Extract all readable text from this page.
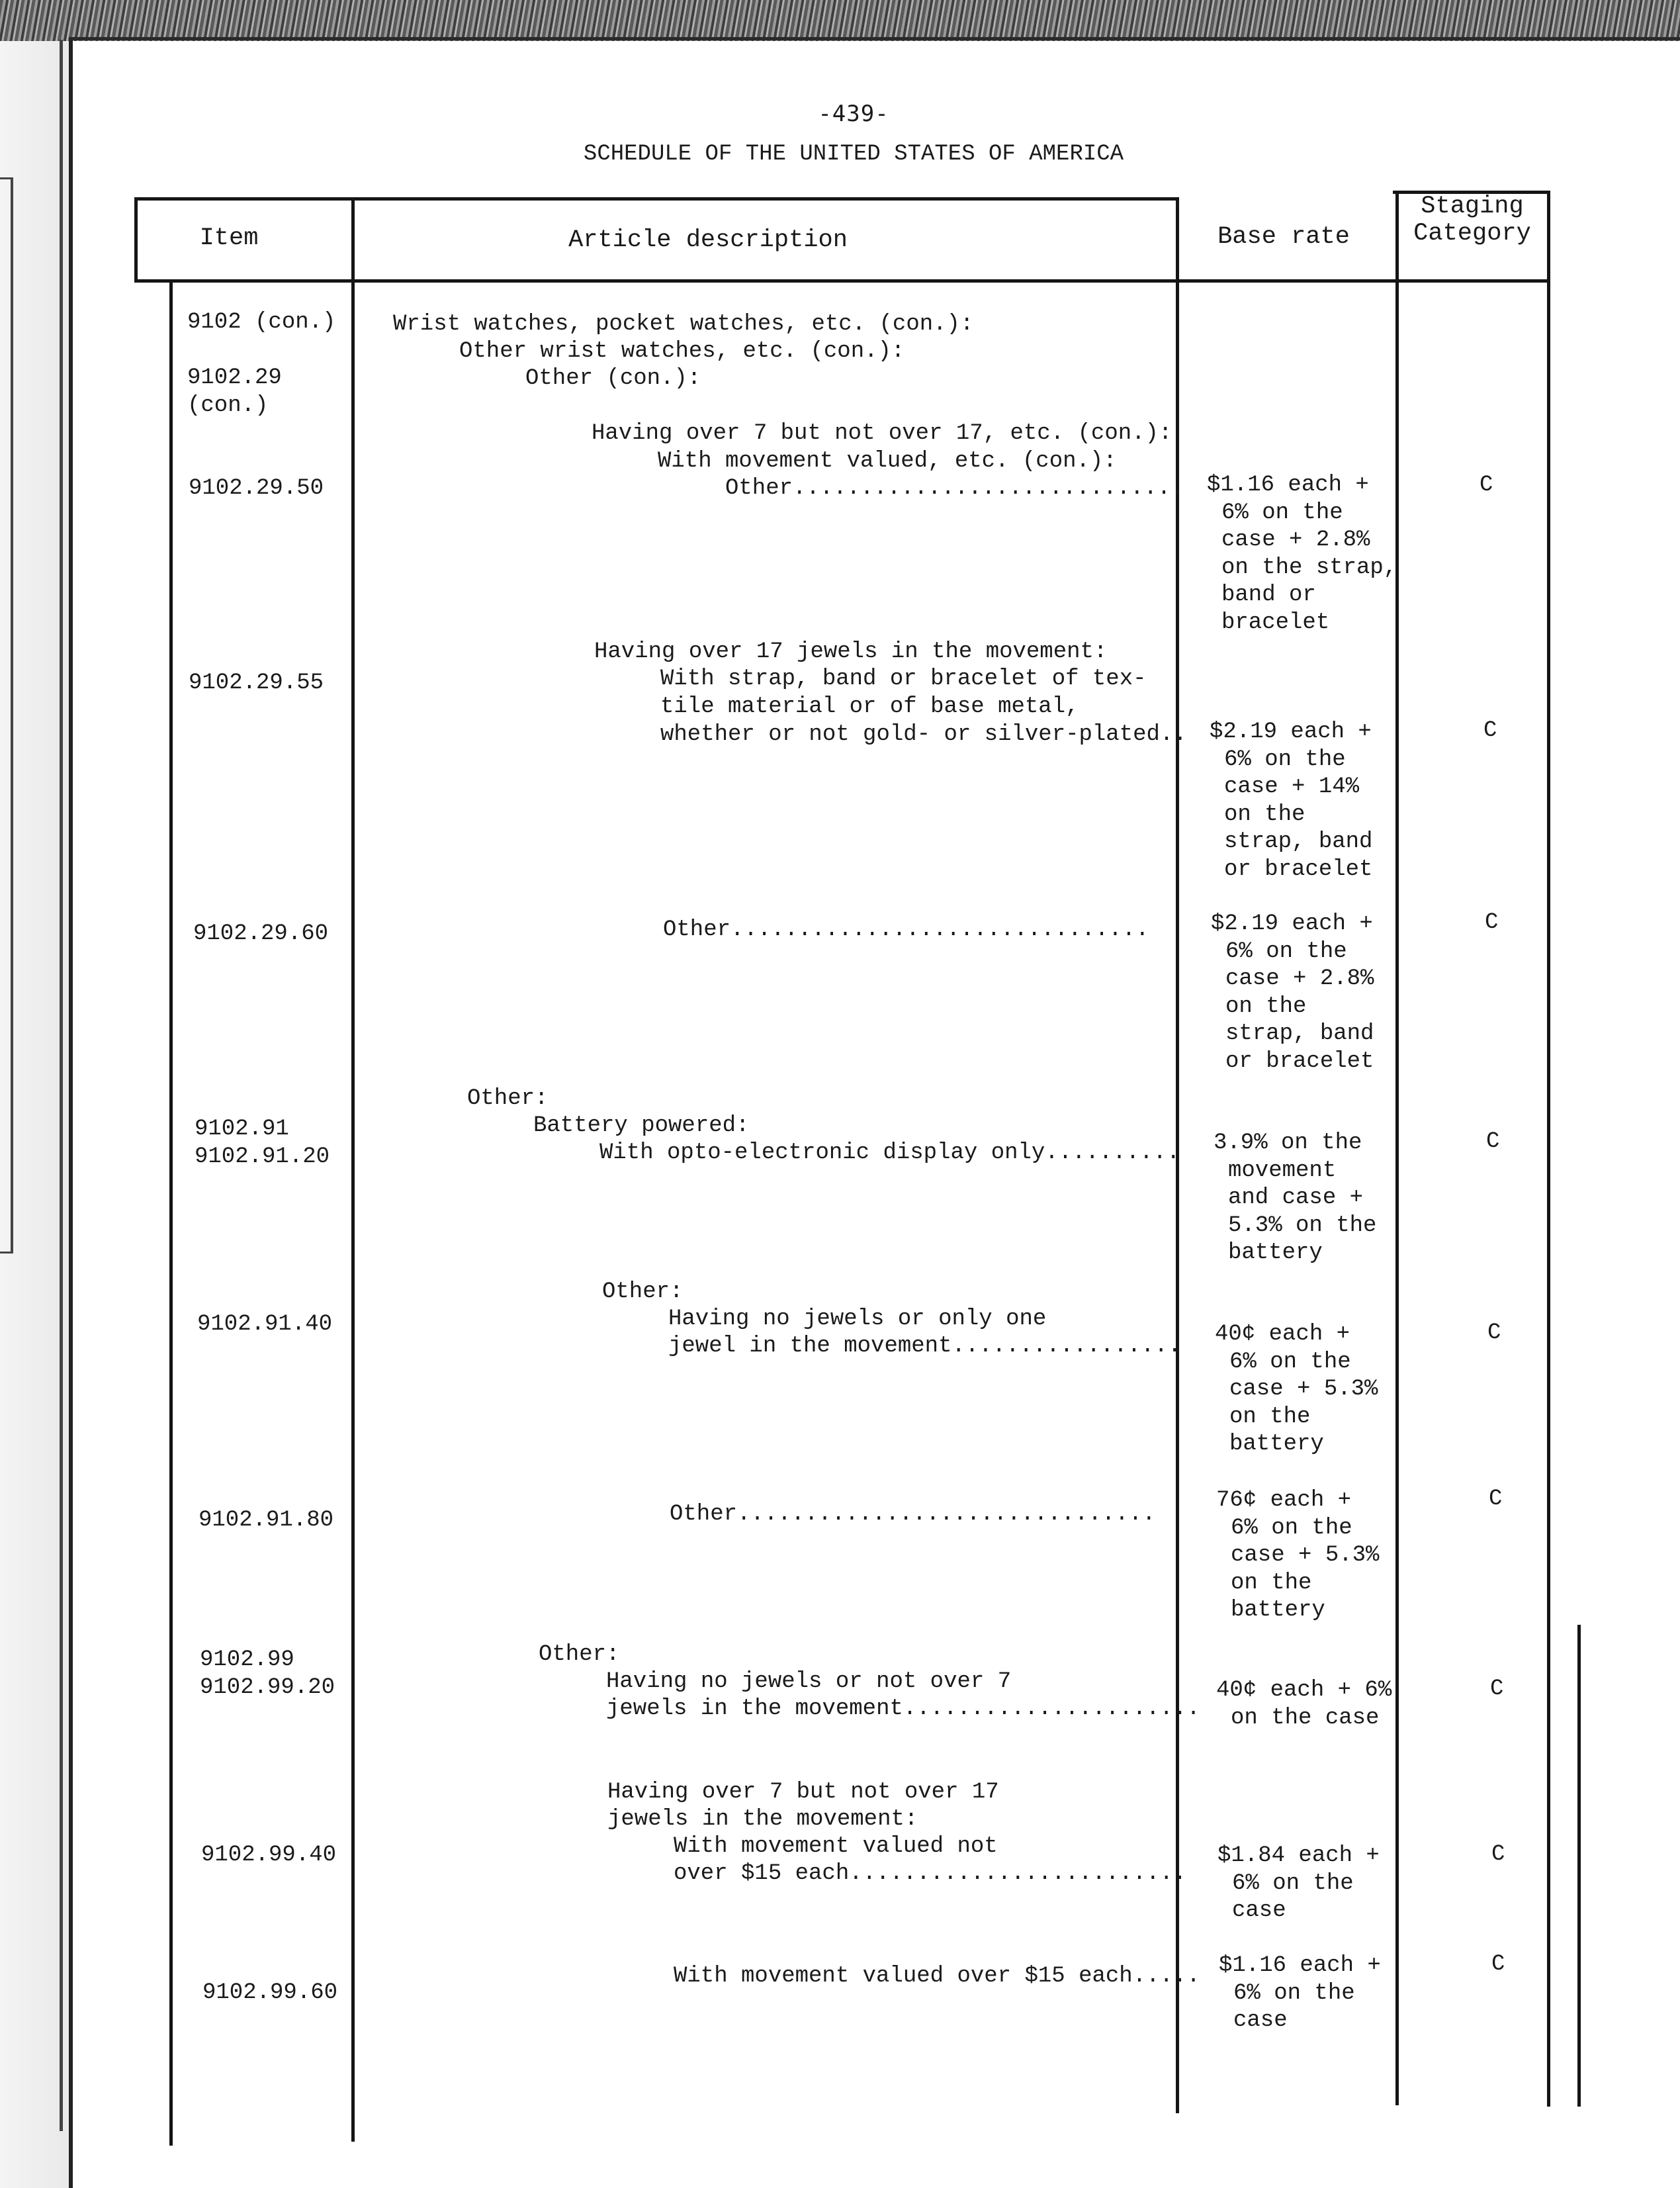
-439-
SCHEDULE OF THE UNITED STATES OF AMERICA
Item	Article description	Base rate
Staging
Category
9102 (con.)
9102.29
(con.)
9102.29.50
9102.29.55
9102.29.60
9102.91
9102.91.20
9102.91.40
9102.91.80
9102.99
9102.99.20
9102.99.40
9102.99.60
Wrist watches, pocket watches, etc. (con.):
Other wrist watches, etc. (con.):
Other (con.):
Having over 7 but not over 17, etc. (con.):
With movement valued, etc. (con.):
Other.............................
Having over 17 jewels in the movement:
With strap, band or bracelet of tex-
tile material or of base metal,
whether or not gold- or silver-plated..
Other...............................
Other:
Battery powered:
With opto-electronic display only..........
Other:
Having no jewels or only one
jewel in the movement.................
Other...............................
Other:
Having no jewels or not over 7
jewels in the movement......................
Having over 7 but not over 17
jewels in the movement:
With movement valued not
over $15 each.........................
With movement valued over $15 each.....
$1.16 each +
6% on the
case + 2.8%
on the strap,
band or
bracelet
$2.19 each +
6% on the
case + 14%
on the
strap, band
or bracelet
$2.19 each +
6% on the
case + 2.8%
on the
strap, band
or bracelet
3.9% on the
movement
and case +
5.3% on the
battery
40¢ each +
6% on the
case + 5.3%
on the
battery
76¢ each +
6% on the
case + 5.3%
on the
battery
40¢ each + 6%
on the case
$1.84 each +
6% on the
case
$1.16 each +
6% on the
case
C
C
C
C
C
C
C
C
C
